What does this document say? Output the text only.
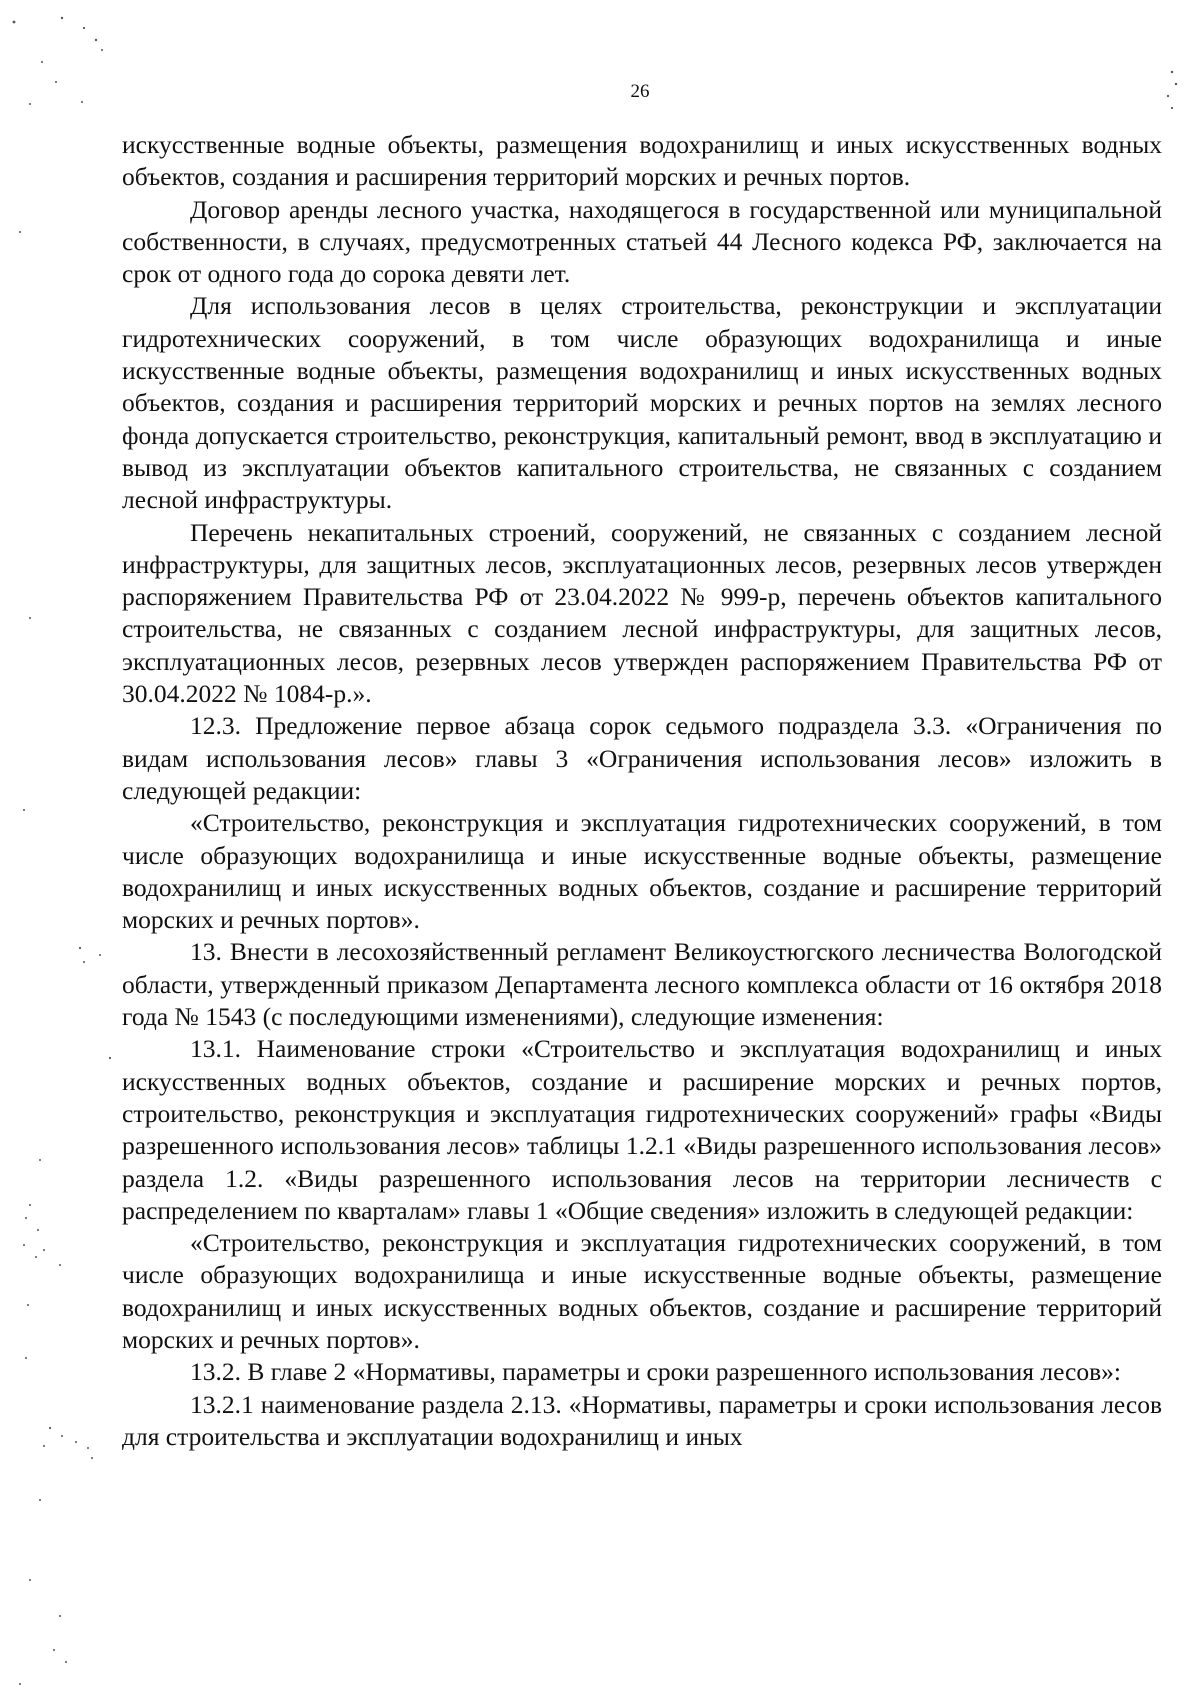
26

искусственные водные объекты, размещения водохранилищ и иных искусственных водных объектов, создания и расширения территорий морских и речных портов.

Договор аренды лесного участка, находящегося в государственной или муниципальной собственности, в случаях, предусмотренных статьей 44 Лесного кодекса РФ, заключается на срок от одного года до сорока девяти лет.

Для использования лесов в целях строительства, реконструкции и эксплуатации гидротехнических сооружений, в том числе образующих водохранилища и иные искусственные водные объекты, размещения водохранилищ и иных искусственных водных объектов, создания и расширения территорий морских и речных портов на землях лесного фонда допускается строительство, реконструкция, капитальный ремонт, ввод в эксплуатацию и вывод из эксплуатации объектов капитального строительства, не связанных с созданием лесной инфраструктуры.

Перечень некапитальных строений, сооружений, не связанных с созданием лесной инфраструктуры, для защитных лесов, эксплуатационных лесов, резервных лесов утвержден распоряжением Правительства РФ от 23.04.2022 № 999-р, перечень объектов капитального строительства, не связанных с созданием лесной инфраструктуры, для защитных лесов, эксплуатационных лесов, резервных лесов утвержден распоряжением Правительства РФ от 30.04.2022 № 1084-р.».

12.3. Предложение первое абзаца сорок седьмого подраздела 3.3. «Ограничения по видам использования лесов» главы 3 «Ограничения использования лесов» изложить в следующей редакции:

«Строительство, реконструкция и эксплуатация гидротехнических сооружений, в том числе образующих водохранилища и иные искусственные водные объекты, размещение водохранилищ и иных искусственных водных объектов, создание и расширение территорий морских и речных портов».

13. Внести в лесохозяйственный регламент Великоустюгского лесничества Вологодской области, утвержденный приказом Департамента лесного комплекса области от 16 октября 2018 года № 1543 (с последующими изменениями), следующие изменения:

13.1. Наименование строки «Строительство и эксплуатация водохранилищ и иных искусственных водных объектов, создание и расширение морских и речных портов, строительство, реконструкция и эксплуатация гидротехнических сооружений» графы «Виды разрешенного использования лесов» таблицы 1.2.1 «Виды разрешенного использования лесов» раздела 1.2. «Виды разрешенного использования лесов на территории лесничеств с распределением по кварталам» главы 1 «Общие сведения» изложить в следующей редакции:

«Строительство, реконструкция и эксплуатация гидротехнических сооружений, в том числе образующих водохранилища и иные искусственные водные объекты, размещение водохранилищ и иных искусственных водных объектов, создание и расширение территорий морских и речных портов».

13.2. В главе 2 «Нормативы, параметры и сроки разрешенного использования лесов»:

13.2.1 наименование раздела 2.13. «Нормативы, параметры и сроки использования лесов для строительства и эксплуатации водохранилищ и иных
